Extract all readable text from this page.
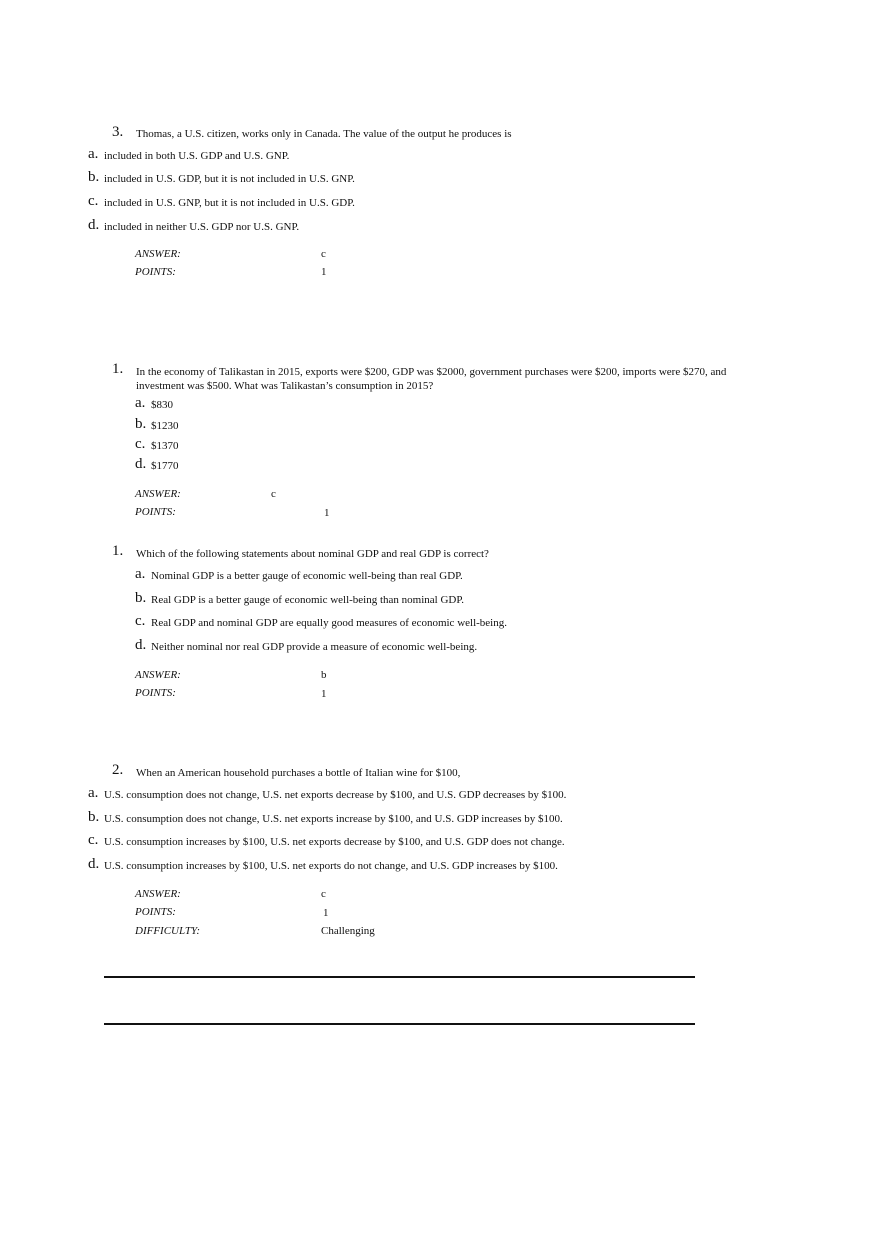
3. Thomas, a U.S. citizen, works only in Canada. The value of the output he produces is
a. included in both U.S. GDP and U.S. GNP.
b. included in U.S. GDP, but it is not included in U.S. GNP.
c. included in U.S. GNP, but it is not included in U.S. GDP.
d. included in neither U.S. GDP nor U.S. GNP.
ANSWER:	c
POINTS:	1
1. In the economy of Talikastan in 2015, exports were $200, GDP was $2000, government purchases were $200, imports were $270, and investment was $500. What was Talikastan’s consumption in 2015?
a. $830
b. $1230
c. $1370
d. $1770
ANSWER:	c
POINTS:	1
1. Which of the following statements about nominal GDP and real GDP is correct?
a. Nominal GDP is a better gauge of economic well-being than real GDP.
b. Real GDP is a better gauge of economic well-being than nominal GDP.
c. Real GDP and nominal GDP are equally good measures of economic well-being.
d. Neither nominal nor real GDP provide a measure of economic well-being.
ANSWER:	b
POINTS:	1
2. When an American household purchases a bottle of Italian wine for $100,
a. U.S. consumption does not change, U.S. net exports decrease by $100, and U.S. GDP decreases by $100.
b. U.S. consumption does not change, U.S. net exports increase by $100, and U.S. GDP increases by $100.
c. U.S. consumption increases by $100, U.S. net exports decrease by $100, and U.S. GDP does not change.
d. U.S. consumption increases by $100, U.S. net exports do not change, and U.S. GDP increases by $100.
ANSWER:	c
POINTS:	1
DIFFICULTY:	Challenging
